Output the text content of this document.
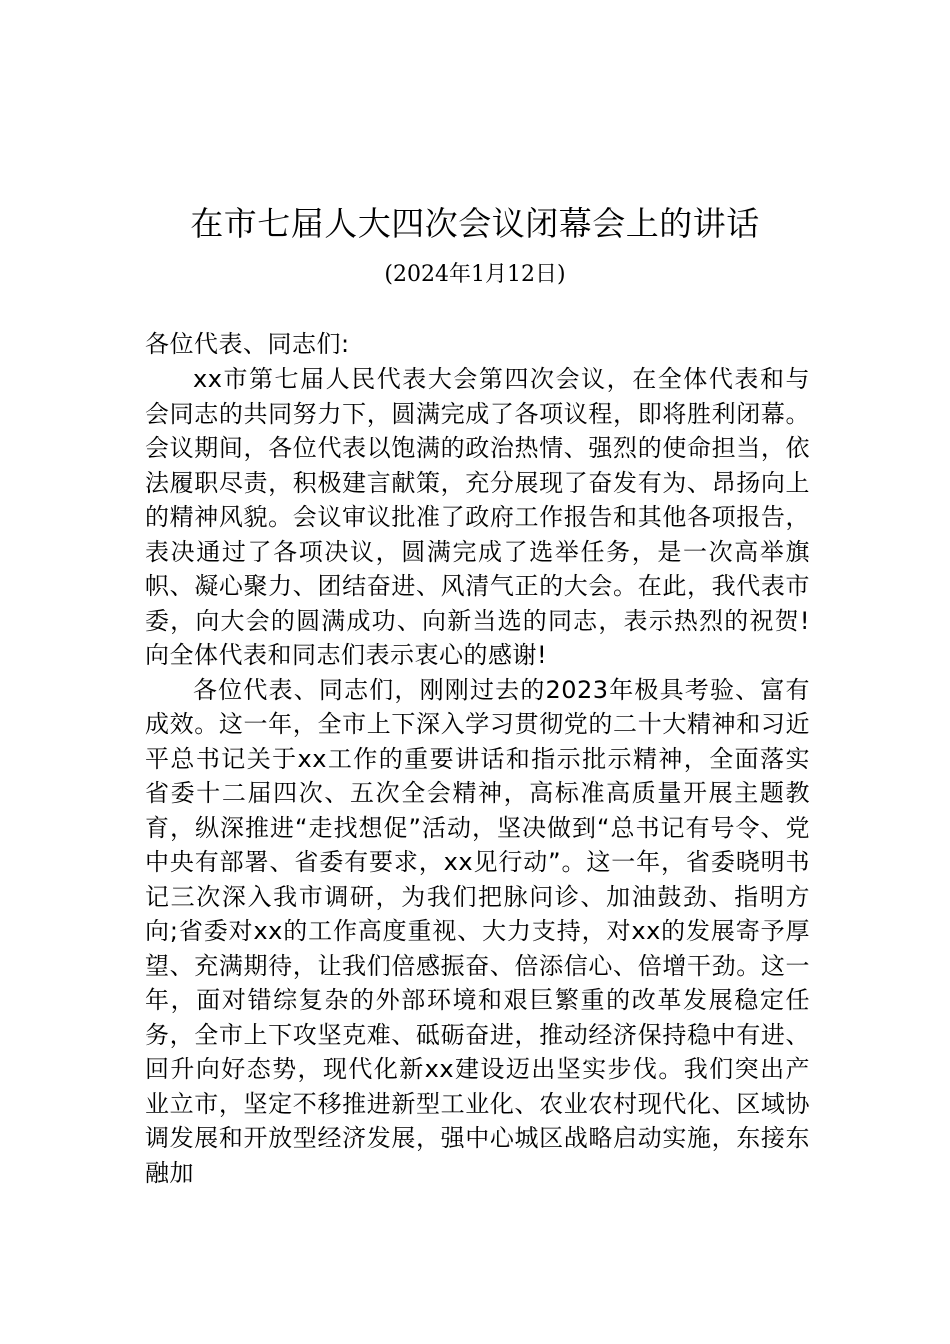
在市七届人大四次会议闭幕会上的讲话
(2024年1月12日)
各位代表、同志们:

xx市第七届人民代表大会第四次会议，在全体代表和与会同志的共同努力下，圆满完成了各项议程，即将胜利闭幕。会议期间，各位代表以饱满的政治热情、强烈的使命担当，依法履职尽责，积极建言献策，充分展现了奋发有为、昂扬向上的精神风貌。会议审议批准了政府工作报告和其他各项报告，表决通过了各项决议，圆满完成了选举任务，是一次高举旗帜、凝心聚力、团结奋进、风清气正的大会。在此，我代表市委，向大会的圆满成功、向新当选的同志，表示热烈的祝贺!向全体代表和同志们表示衷心的感谢!

各位代表、同志们，刚刚过去的2023年极具考验、富有成效。这一年，全市上下深入学习贯彻党的二十大精神和习近平总书记关于xx工作的重要讲话和指示批示精神，全面落实省委十二届四次、五次全会精神，高标准高质量开展主题教育，纵深推进“走找想促”活动，坚决做到“总书记有号令、党中央有部署、省委有要求，xx见行动”。这一年，省委晓明书记三次深入我市调研，为我们把脉问诊、加油鼓劲、指明方向;省委对xx的工作高度重视、大力支持，对xx的发展寄予厚望、充满期待，让我们倍感振奋、倍添信心、倍增干劲。这一年，面对错综复杂的外部环境和艰巨繁重的改革发展稳定任务，全市上下攻坚克难、砥砺奋进，推动经济保持稳中有进、回升向好态势，现代化新xx建设迈出坚实步伐。我们突出产业立市，坚定不移推进新型工业化、农业农村现代化、区域协调发展和开放型经济发展，强中心城区战略启动实施，东接东融加
